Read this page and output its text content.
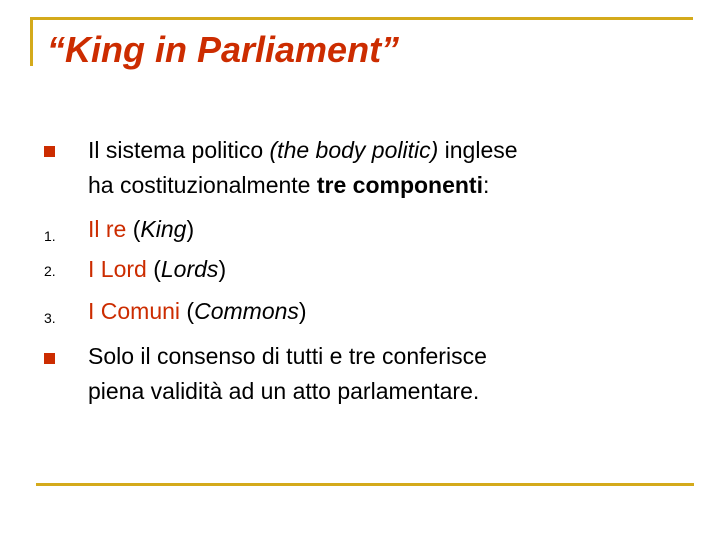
“King in Parliament”
Il sistema politico (the body politic) inglese
ha costituzionalmente tre componenti:
1. Il re (King)
2. I Lord (Lords)
3. I Comuni (Commons)
Solo il consenso di tutti e tre conferisce
piena validità ad un atto parlamentare.
